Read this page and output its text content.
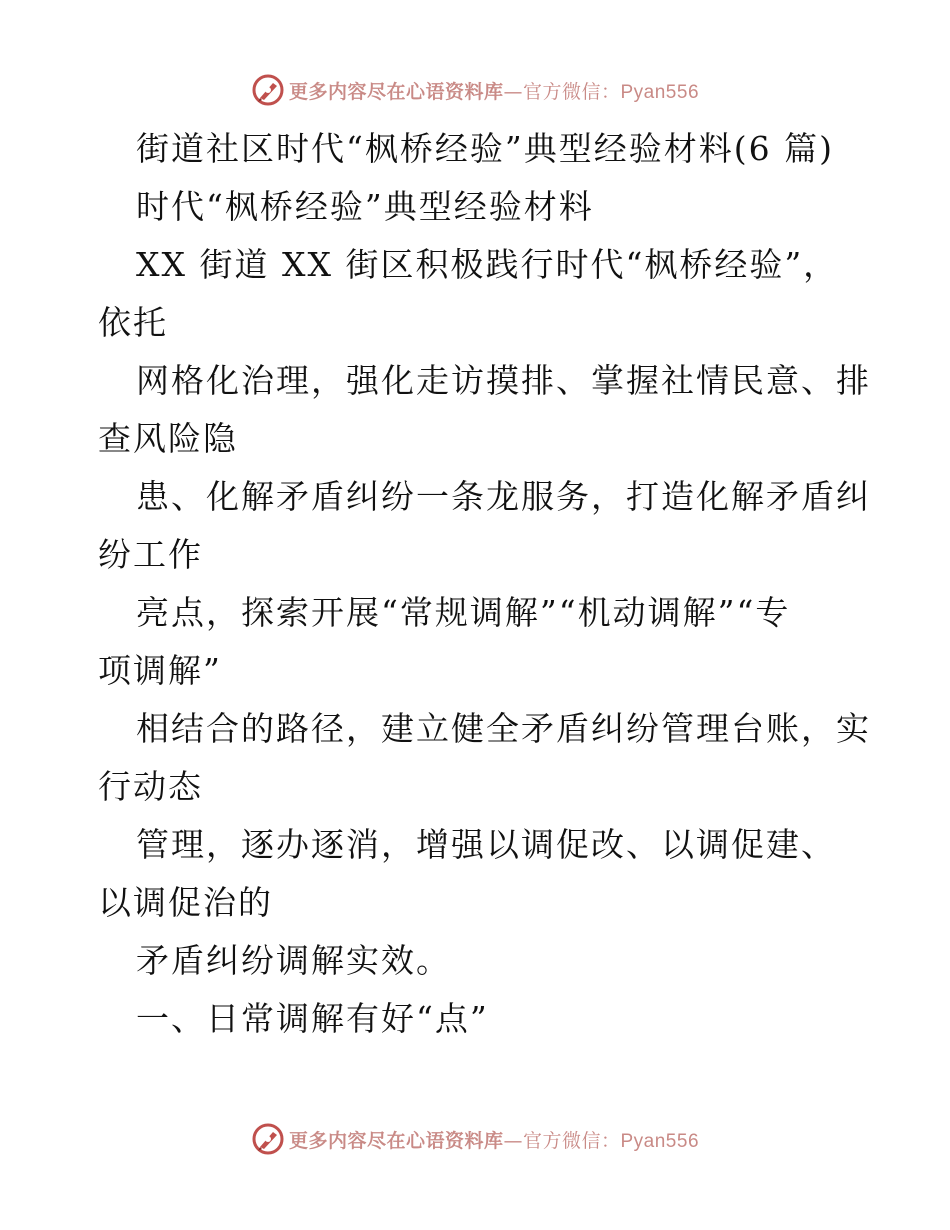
更多内容尽在心语资料库—官方微信：Pyan556
街道社区时代“枫桥经验”典型经验材料(6 篇)
时代“枫桥经验”典型经验材料
XX 街道 XX 街区积极践行时代“枫桥经验”，
依托
网格化治理，强化走访摸排、掌握社情民意、排
查风险隐
患、化解矛盾纠纷一条龙服务，打造化解矛盾纠
纷工作
亮点，探索开展“常规调解”“机动调解”“专
项调解”
相结合的路径，建立健全矛盾纠纷管理台账，实
行动态
管理，逐办逐消，增强以调促改、以调促建、
以调促治的
矛盾纠纷调解实效。
一、日常调解有好“点”
更多内容尽在心语资料库—官方微信：Pyan556
